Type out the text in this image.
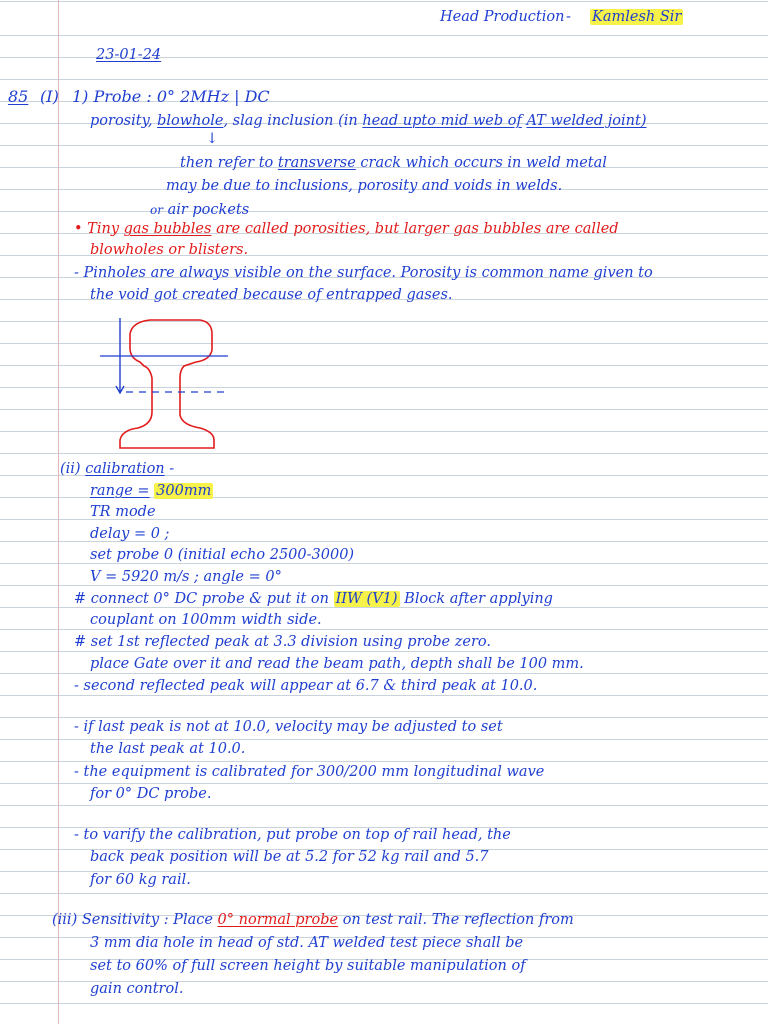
Head Production - Kamlesh Sir
23-01-24
85 (I) 1) Probe : 0° 2MHz | DC
porosity, blowhole, slag inclusion (in head upto mid web of AT welded joint)
↓
then refer to transverse crack which occurs in weld metal
may be due to inclusions, porosity and voids in welds.
or air pockets
• Tiny gas bubbles are called porosities, but larger gas bubbles are called
blowholes or blisters.
- Pinholes are always visible on the surface. Porosity is common name given to
the void got created because of entrapped gases.
(ii) calibration -
range = 300mm
TR mode
delay = 0 ;
set probe 0 (initial echo 2500-3000)
V = 5920 m/s ; angle = 0°
# connect 0° DC probe & put it on IIW (V1) Block after applying
couplant on 100mm width side.
# set 1st reflected peak at 3.3 division using probe zero.
place Gate over it and read the beam path, depth shall be 100 mm.
- second reflected peak will appear at 6.7 & third peak at 10.0.
- if last peak is not at 10.0, velocity may be adjusted to set
the last peak at 10.0.
- the equipment is calibrated for 300/200 mm longitudinal wave
for 0° DC probe.
- to varify the calibration, put probe on top of rail head, the
back peak position will be at 5.2 for 52 kg rail and 5.7
for 60 kg rail.
(iii) Sensitivity : Place 0° normal probe on test rail. The reflection from
3 mm dia hole in head of std. AT welded test piece shall be
set to 60% of full screen height by suitable manipulation of
gain control.
